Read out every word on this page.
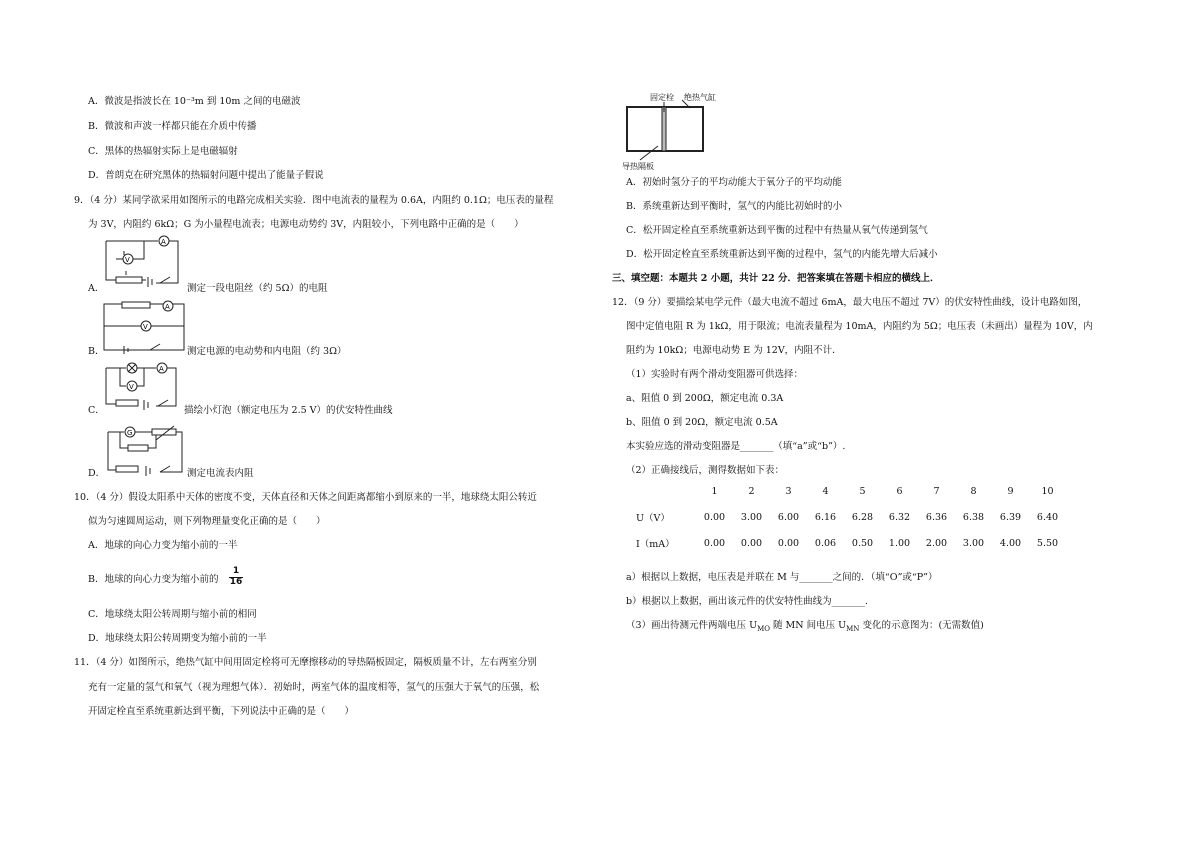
A．微波是指波长在 10⁻³m 到 10m 之间的电磁波
B．微波和声波一样都只能在介质中传播
C．黑体的热辐射实际上是电磁辐射
D．普朗克在研究黑体的热辐射问题中提出了能量子假说
9．（4 分）某同学欲采用如图所示的电路完成相关实验．图中电流表的量程为 0.6A，内阻约 0.1Ω；电压表的量程
为 3V，内阻约 6kΩ；G 为小量程电流表；电源电动势约 3V，内阻较小，下列电路中正确的是（　　）
A．
A
V
测定一段电阻丝（约 5Ω）的电阻
B．
A
V
测定电源的电动势和内电阻（约 3Ω）
C．
A
V
描绘小灯泡（额定电压为 2.5 V）的伏安特性曲线
D．
G
测定电流表内阻
10．（4 分）假设太阳系中天体的密度不变，天体直径和天体之间距离都缩小到原来的一半，地球绕太阳公转近
似为匀速圆周运动，则下列物理量变化正确的是（　　）
A．地球的向心力变为缩小前的一半
B．地球的向心力变为缩小前的 $\frac{1}{16}$
C．地球绕太阳公转周期与缩小前的相同
D．地球绕太阳公转周期变为缩小前的一半
11．（4 分）如图所示，绝热气缸中间用固定栓将可无摩擦移动的导热隔板固定，隔板质量不计，左右两室分别
充有一定量的氢气和氧气（视为理想气体）．初始时，两室气体的温度相等，氢气的压强大于氧气的压强，松
开固定栓直至系统重新达到平衡，下列说法中正确的是（　　）
固定栓 绝热气缸
导热隔板
A．初始时氢分子的平均动能大于氧分子的平均动能
B．系统重新达到平衡时，氢气的内能比初始时的小
C．松开固定栓直至系统重新达到平衡的过程中有热量从氧气传递到氢气
D．松开固定栓直至系统重新达到平衡的过程中，氢气的内能先增大后减小
三、填空题：本题共 2 小题，共计 22 分．把答案填在答题卡相应的横线上．
12．（9 分）要描绘某电学元件（最大电流不超过 6mA，最大电压不超过 7V）的伏安特性曲线，设计电路如图，
图中定值电阻 R 为 1kΩ，用于限流；电流表量程为 10mA，内阻约为 5Ω；电压表（未画出）量程为 10V，内
阻约为 10kΩ；电源电动势 E 为 12V，内阻不计．
（1）实验时有两个滑动变阻器可供选择：
a、阻值 0 到 200Ω，额定电流 0.3A
b、阻值 0 到 20Ω，额定电流 0.5A
本实验应选的滑动变阻器是_______（填“a”或“b”）.
（2）正确接线后，测得数据如下表：
	1	2	3	4	5	6	7	8	9	10
U（V）	0.00	3.00	6.00	6.16	6.28	6.32	6.36	6.38	6.39	6.40
I（mA）	0.00	0.00	0.00	0.06	0.50	1.00	2.00	3.00	4.00	5.50
a）根据以上数据，电压表是并联在 M 与_______之间的．（填“O”或“P”）
b）根据以上数据，画出该元件的伏安特性曲线为_______.
（3）画出待测元件两端电压 $U_{MO}$ 随 MN 间电压 $U_{MN}$ 变化的示意图为：(无需数值)
